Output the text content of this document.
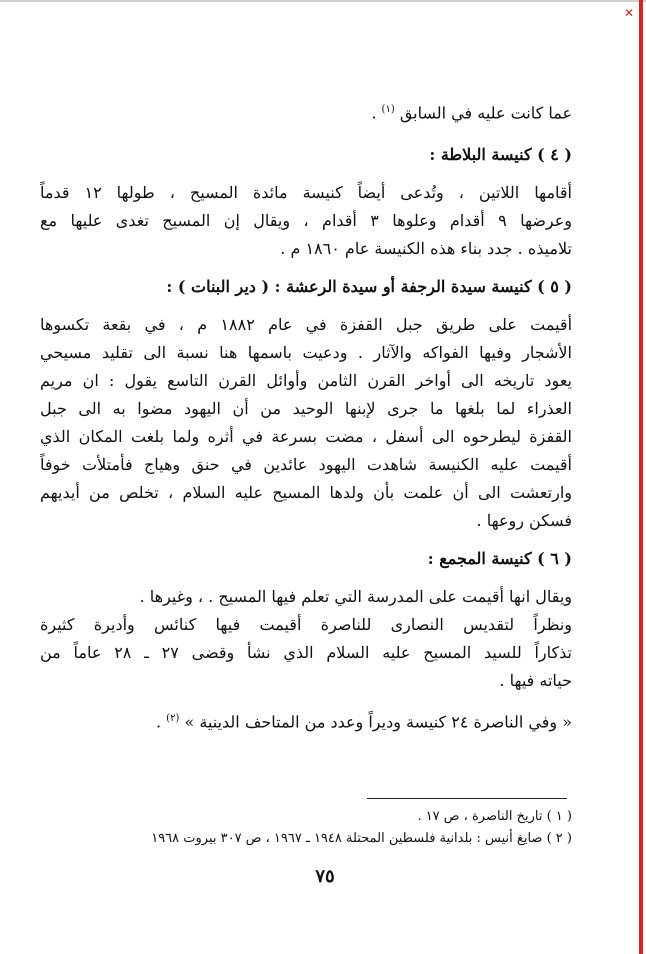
✕

عما كانت عليه في السابق $^{(١)}$ .

( ٤ ) كنيسة البلاطة :

أقامها اللاتين ، وتُدعى أيضاً كنيسة مائدة المسيح ، طولها ١٢ قدماً

وعرضها ٩ أقدام وعلوها ٣ أقدام ، ويقال إن المسيح تغدى عليها مع

تلاميذه . جدد بناء هذه الكنيسة عام ١٨٦٠ م .

( ٥ ) كنيسة سيدة الرجفة أو سيدة الرعشة : ( دير البنات ) :

أقيمت على طريق جبل القفزة في عام ١٨٨٢ م ، في بقعة تكسوها

الأشجار وفيها الفواكه والآثار . ودعيت باسمها هنا نسبة الى تقليد مسيحي

يعود تاريخه الى أواخر القرن الثامن وأوائل القرن التاسع يقول : ان مريم

العذراء لما بلغها ما جرى لإبنها الوحيد من أن اليهود مضوا به الى جبل

القفزة ليطرحوه الى أسفل ، مضت بسرعة في أثره ولما بلغت المكان الذي

أقيمت عليه الكنيسة شاهدت اليهود عائدين في حنق وهياج فأمتلأت خوفاً

وارتعشت الى أن علمت بأن ولدها المسيح عليه السلام ، تخلص من أيديهم

فسكن روعها .

( ٦ ) كنيسة المجمع :

ويقال انها أقيمت على المدرسة التي تعلم فيها المسيح . ، وغيرها .

ونظراً لتقديس النصارى للناصرة أقيمت فيها كنائس وأديرة كثيرة

تذكاراً للسيد المسيح عليه السلام الذي نشأ وقضى ٢٧ ـ ٢٨ عاماً من

حياته فيها .

« وفي الناصرة ٢٤ كنيسة وديراً وعدد من المتاحف الدينية » $^{(٢)}$ .

( ١ ) تاريخ الناصرة ، ص ١٧ .

( ٢ ) صايغ أنيس : بلدانية فلسطين المحتلة ١٩٤٨ ـ ١٩٦٧ ، ص ٣٠٧ بيروت ١٩٦٨

٧٥
